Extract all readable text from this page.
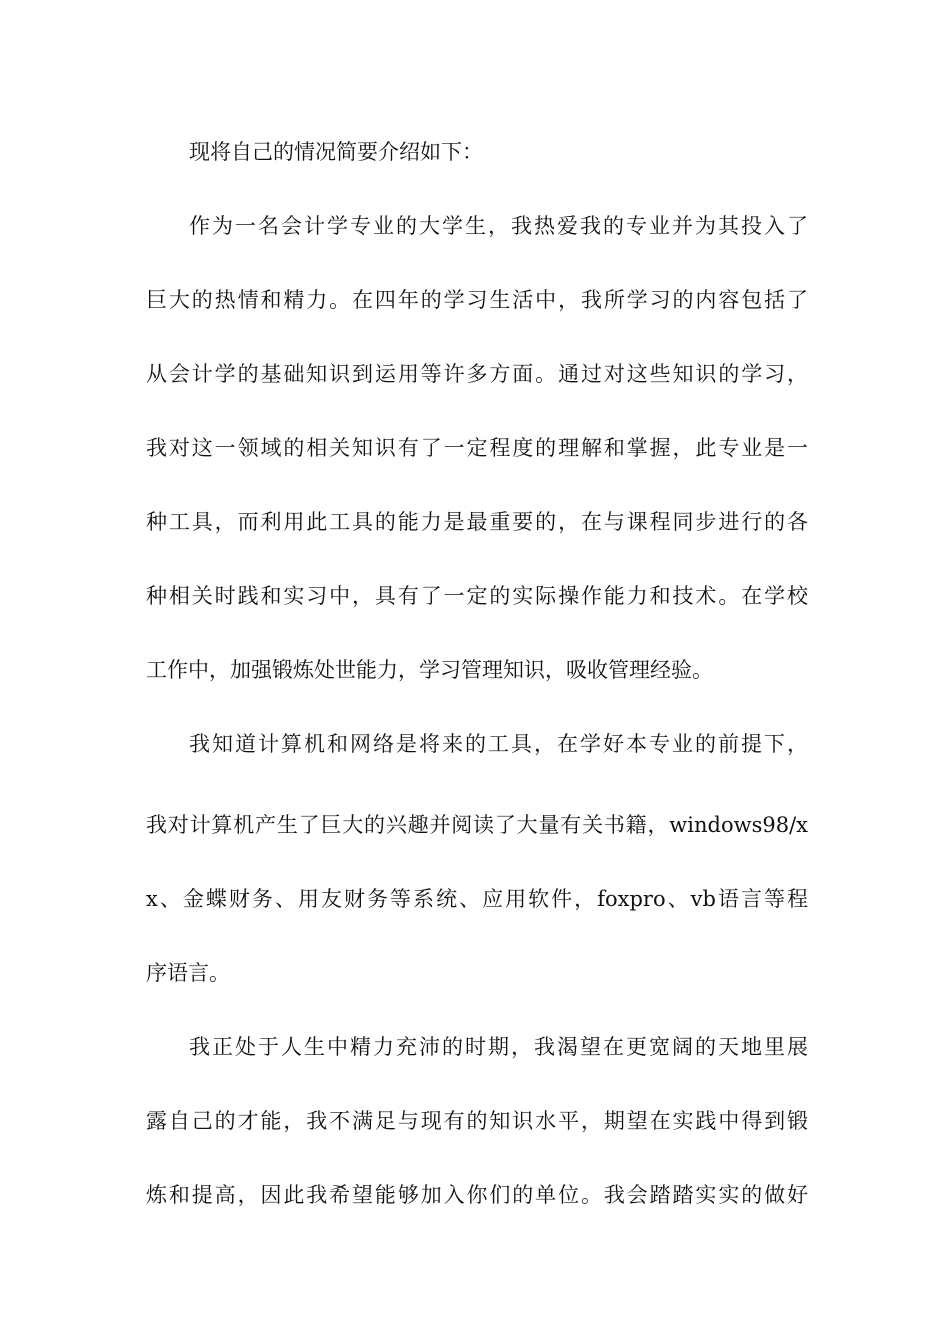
现将自己的情况简要介绍如下：
作为一名会计学专业的大学生，我热爱我的专业并为其投入了
巨大的热情和精力。在四年的学习生活中，我所学习的内容包括了
从会计学的基础知识到运用等许多方面。通过对这些知识的学习，
我对这一领域的相关知识有了一定程度的理解和掌握，此专业是一
种工具，而利用此工具的能力是最重要的，在与课程同步进行的各
种相关时践和实习中，具有了一定的实际操作能力和技术。在学校
工作中，加强锻炼处世能力，学习管理知识，吸收管理经验。
我知道计算机和网络是将来的工具，在学好本专业的前提下，
我对计算机产生了巨大的兴趣并阅读了大量有关书籍，windows98/x
x、金蝶财务、用友财务等系统、应用软件，foxpro、vb语言等程
序语言。
我正处于人生中精力充沛的时期，我渴望在更宽阔的天地里展
露自己的才能，我不满足与现有的知识水平，期望在实践中得到锻
炼和提高，因此我希望能够加入你们的单位。我会踏踏实实的做好
